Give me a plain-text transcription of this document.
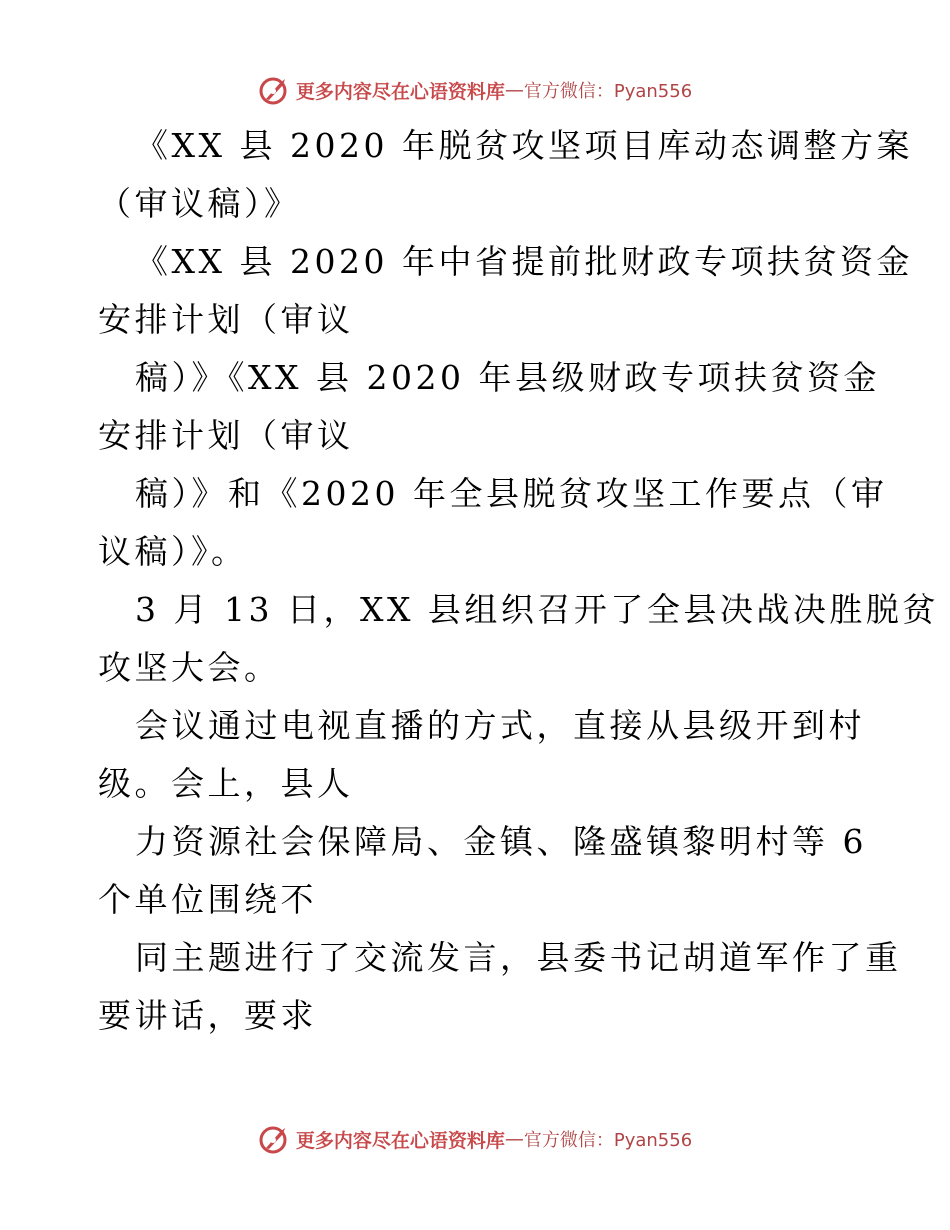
更多内容尽在心语资料库 — 官方微信：Pyan556
《XX 县 2020 年脱贫攻坚项目库动态调整方案
（审议稿）》
《XX 县 2020 年中省提前批财政专项扶贫资金
安排计划（审议
稿）》《XX 县 2020 年县级财政专项扶贫资金
安排计划（审议
稿）》和《2020 年全县脱贫攻坚工作要点（审
议稿）》。
3 月 13 日，XX 县组织召开了全县决战决胜脱贫
攻坚大会。
会议通过电视直播的方式，直接从县级开到村
级。会上，县人
力资源社会保障局、金镇、隆盛镇黎明村等 6
个单位围绕不
同主题进行了交流发言，县委书记胡道军作了重
要讲话，要求
更多内容尽在心语资料库 — 官方微信：Pyan556
